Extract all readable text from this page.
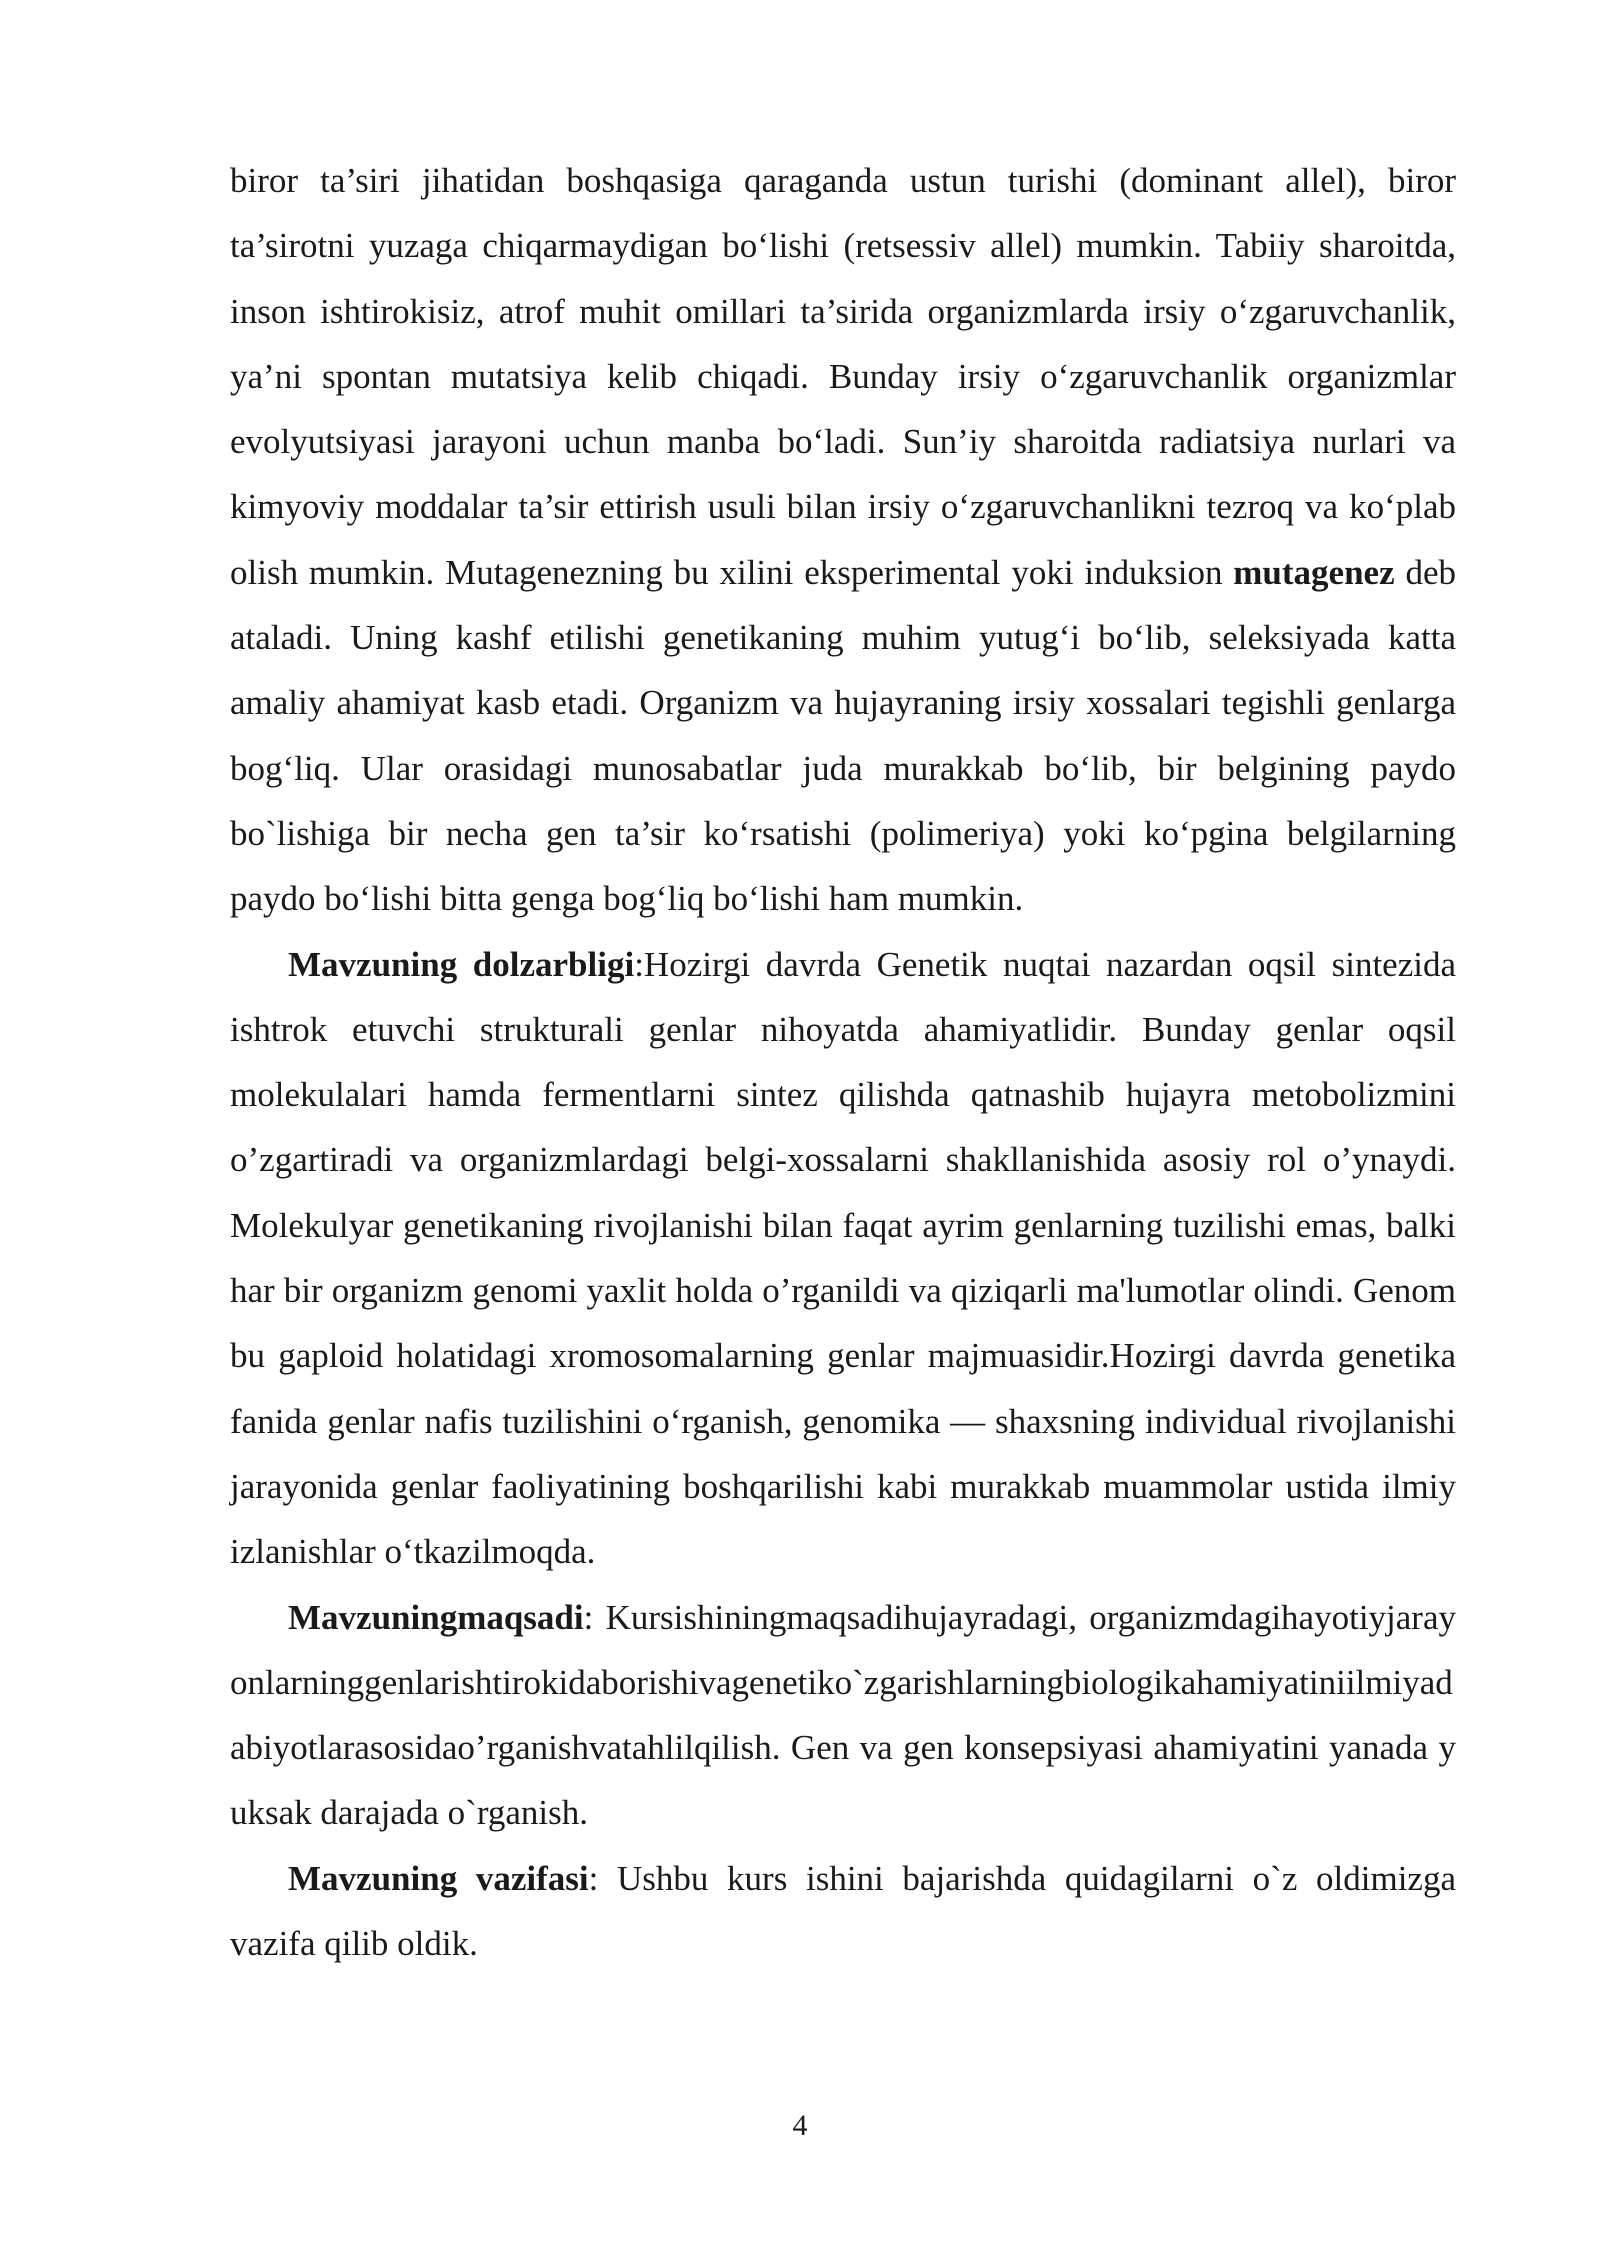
biror ta’siri jihatidan boshqasiga qaraganda ustun turishi (dominant allel), biror ta’sirotni yuzaga chiqarmaydigan bo‘lishi (retsessiv allel) mumkin. Tabiiy sharoitda, inson ishtirokisiz, atrof muhit omillari ta’sirida organizmlarda irsiy o‘zgaruvchanlik, ya’ni spontan mutatsiya kelib chiqadi. Bunday irsiy o‘zgaruvchanlik organizmlar evolyutsiyasi jarayoni uchun manba bo‘ladi. Sun’iy sharoitda radiatsiya nurlari va kimyoviy moddalar ta’sir ettirish usuli bilan irsiy o‘zgaruvchanlikni tezroq va ko‘plab olish mumkin. Mutagenezning bu xilini eksperimental yoki induksion mutagenez deb ataladi. Uning kashf etilishi genetikaning muhim yutug‘i bo‘lib, seleksiyada katta amaliy ahamiyat kasb etadi. Organizm va hujayraning irsiy xossalari tegishli genlarga bog‘liq. Ular orasidagi munosabatlar juda murakkab bo‘lib, bir belgining paydo bo`lishiga bir necha gen ta’sir ko‘rsatishi (polimeriya) yoki ko‘pgina belgilarning paydo bo‘lishi bitta genga bog‘liq bo‘lishi ham mumkin.

Mavzuning dolzarbligi:Hozirgi davrda Genetik nuqtai nazardan oqsil sintezida ishtrok etuvchi strukturali genlar nihoyatda ahamiyatlidir. Bunday genlar oqsil molekulalari hamda fermentlarni sintez qilishda qatnashib hujayra metobolizmini o’zgartiradi va organizmlardagi belgi-xossalarni shakllanishida asosiy rol o’ynaydi. Molekulyar genetikaning rivojlanishi bilan faqat ayrim genlarning tuzilishi emas, balki har bir organizm genomi yaxlit holda o’rganildi va qiziqarli ma'lumotlar olindi. Genom bu gaploid holatidagi xromosomalarning genlar majmuasidir.Hozirgi davrda genetika fanida genlar nafis tuzilishini o‘rganish, genomika — shaxsning individual rivojlanishi jarayonida genlar faoliyatining boshqarilishi kabi murakkab muammolar ustida ilmiy izlanishlar o‘tkazilmoqda.

Mavzuningmaqsadi: Kursishiningmaqsadihujayradagi, organizmdagihayotiyjarayonlarninggenlarishtirokidaborishivagenetiko`zgarishlarningbiologikahamiyatiniilmiyadabiyotlarasosidao’rganishvatahlilqilish. Gen va gen konsepsiyasi ahamiyatini yanada yuksak darajada o`rganish.

Mavzuning vazifasi: Ushbu kurs ishini bajarishda quidagilarni o`z oldimizga vazifa qilib oldik.

4
